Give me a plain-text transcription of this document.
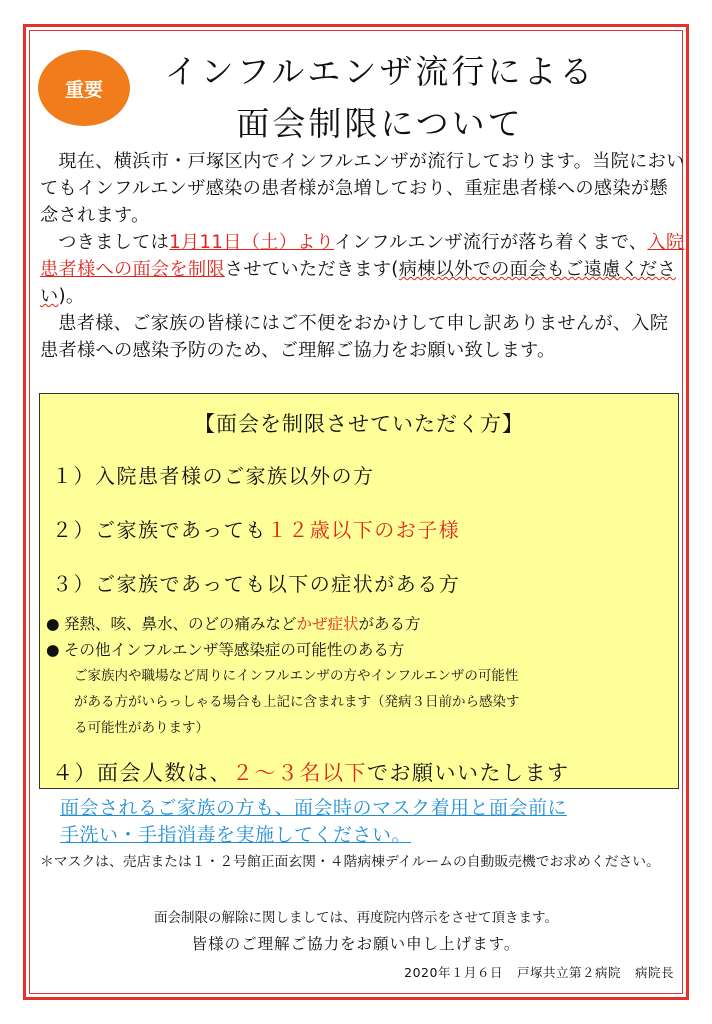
重要	インフルエンザ流行による
面会制限について

現在、横浜市・戸塚区内でインフルエンザが流行しております。当院においてもインフルエンザ感染の患者様が急増しており、重症患者様への感染が懸念されます。

つきましては1月11日（土）よりインフルエンザ流行が落ち着くまで、入院患者様への面会を制限させていただきます(病棟以外での面会もご遠慮ください)。

患者様、ご家族の皆様にはご不便をおかけして申し訳ありませんが、入院患者様への感染予防のため、ご理解ご協力をお願い致します。

【面会を制限させていただく方】
１）入院患者様のご家族以外の方
２）ご家族であっても１２歳以下のお子様
３）ご家族であっても以下の症状がある方
● 発熱、咳、鼻水、のどの痛みなどかぜ症状がある方
● その他インフルエンザ等感染症の可能性のある方
ご家族内や職場など周りにインフルエンザの方やインフルエンザの可能性
がある方がいらっしゃる場合も上記に含まれます（発病３日前から感染す
る可能性があります）
４）面会人数は、２～３名以下でお願いいたします
面会されるご家族の方も、面会時のマスク着用と面会前に
手洗い・手指消毒を実施してください。
＊マスクは、売店または１・２号館正面玄関・４階病棟デイルームの自動販売機でお求めください。
面会制限の解除に関しましては、再度院内啓示をさせて頂きます。
皆様のご理解ご協力をお願い申し上げます。
2020年１月６日 戸塚共立第２病院 病院長
